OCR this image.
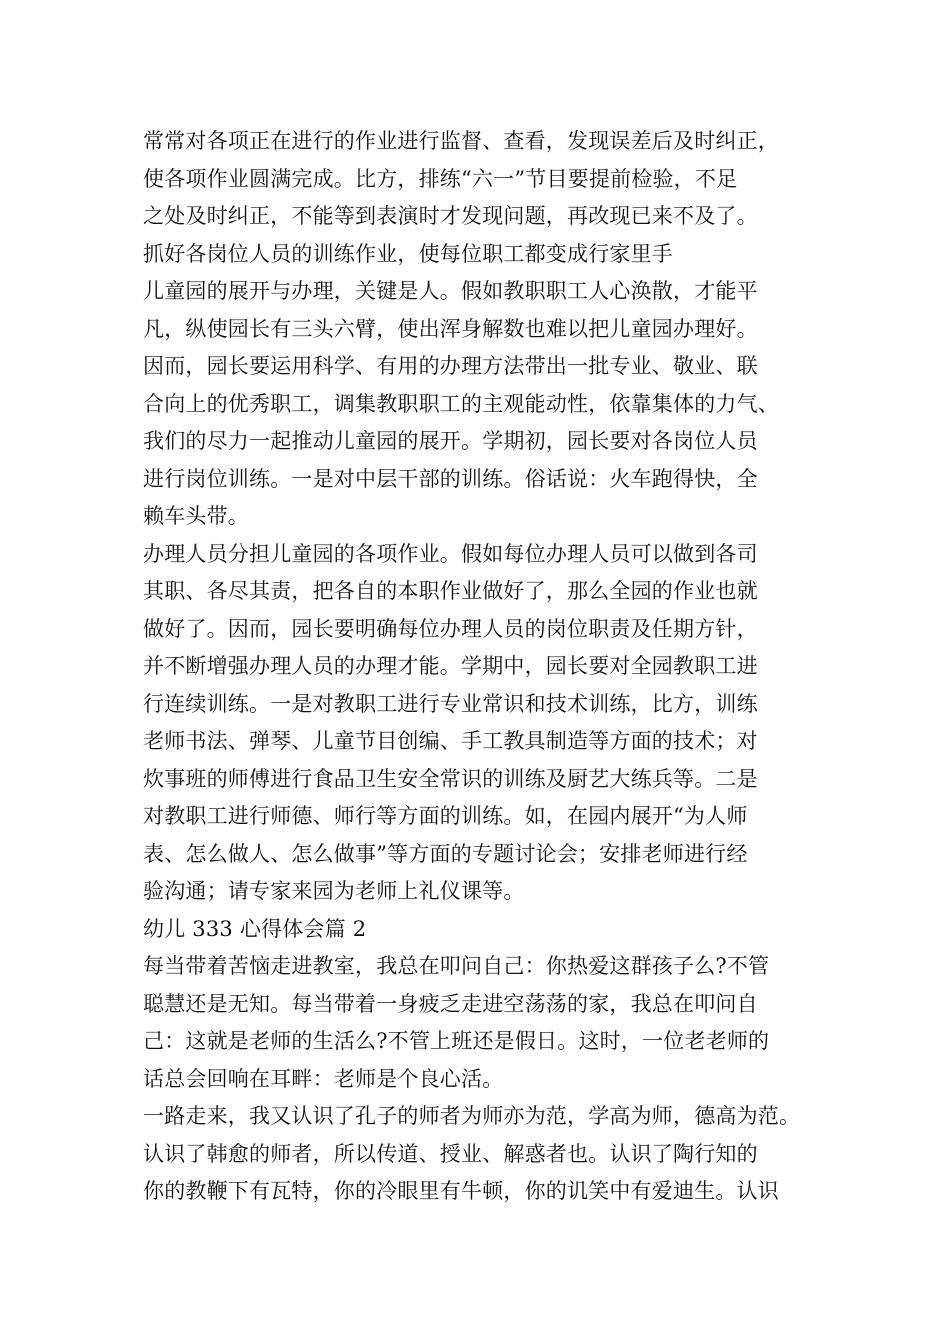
常常对各项正在进行的作业进行监督、查看，发现误差后及时纠正，
使各项作业圆满完成。比方，排练“六一”节目要提前检验，不足
之处及时纠正，不能等到表演时才发现问题，再改现已来不及了。
抓好各岗位人员的训练作业，使每位职工都变成行家里手
儿童园的展开与办理，关键是人。假如教职职工人心涣散，才能平
凡，纵使园长有三头六臂，使出浑身解数也难以把儿童园办理好。
因而，园长要运用科学、有用的办理方法带出一批专业、敬业、联
合向上的优秀职工，调集教职职工的主观能动性，依靠集体的力气、
我们的尽力一起推动儿童园的展开。学期初，园长要对各岗位人员
进行岗位训练。一是对中层干部的训练。俗话说：火车跑得快，全
赖车头带。
办理人员分担儿童园的各项作业。假如每位办理人员可以做到各司
其职、各尽其责，把各自的本职作业做好了，那么全园的作业也就
做好了。因而，园长要明确每位办理人员的岗位职责及任期方针，
并不断增强办理人员的办理才能。学期中，园长要对全园教职工进
行连续训练。一是对教职工进行专业常识和技术训练，比方，训练
老师书法、弹琴、儿童节目创编、手工教具制造等方面的技术；对
炊事班的师傅进行食品卫生安全常识的训练及厨艺大练兵等。二是
对教职工进行师德、师行等方面的训练。如，在园内展开“为人师
表、怎么做人、怎么做事”等方面的专题讨论会；安排老师进行经
验沟通；请专家来园为老师上礼仪课等。
幼儿 333 心得体会篇 2
每当带着苦恼走进教室，我总在叩问自己：你热爱这群孩子么?不管
聪慧还是无知。每当带着一身疲乏走进空荡荡的家，我总在叩问自
己：这就是老师的生活么?不管上班还是假日。这时，一位老老师的
话总会回响在耳畔：老师是个良心活。
一路走来，我又认识了孔子的师者为师亦为范，学高为师，德高为范。
认识了韩愈的师者，所以传道、授业、解惑者也。认识了陶行知的
你的教鞭下有瓦特，你的冷眼里有牛顿，你的讥笑中有爱迪生。认识
